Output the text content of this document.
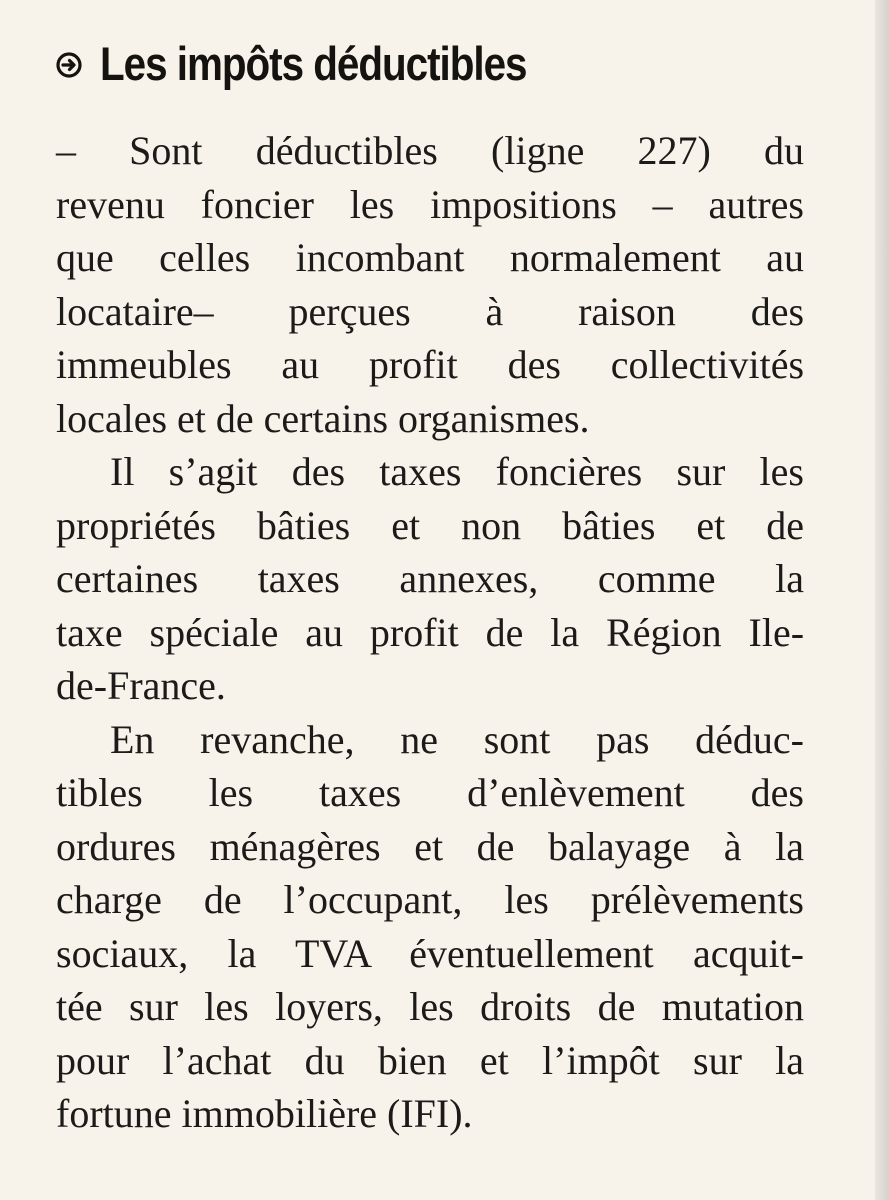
Les impôts déductibles

– Sont déductibles (ligne 227) du
revenu foncier les impositions – autres
que celles incombant normalement au
locataire– perçues à raison des
immeubles au profit des collectivités
locales et de certains organismes.

Il s’agit des taxes foncières sur les
propriétés bâties et non bâties et de
certaines taxes annexes, comme la
taxe spéciale au profit de la Région Ile-
de-France.

En revanche, ne sont pas déduc-
tibles les taxes d’enlèvement des
ordures ménagères et de balayage à la
charge de l’occupant, les prélèvements
sociaux, la TVA éventuellement acquit-
tée sur les loyers, les droits de mutation
pour l’achat du bien et l’impôt sur la
fortune immobilière (IFI).
